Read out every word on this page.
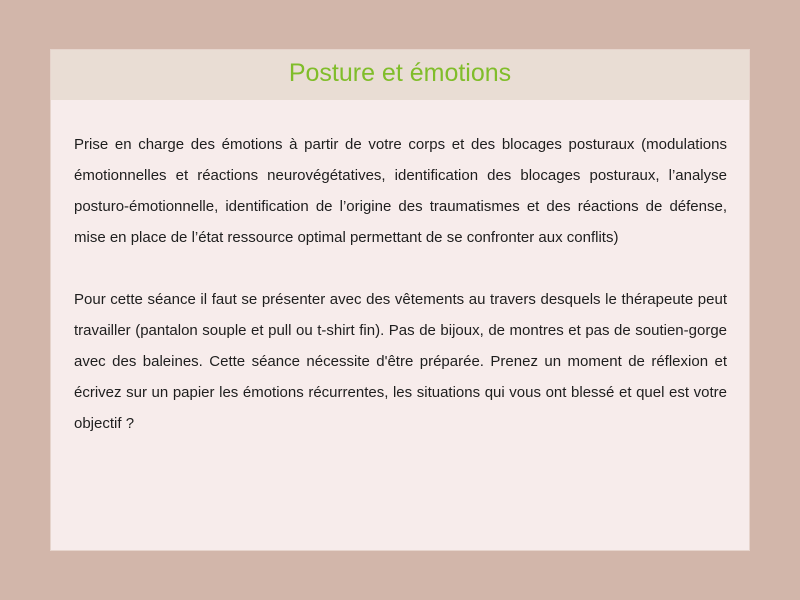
Posture et émotions

Prise en charge des émotions à partir de votre corps et des blocages posturaux (modulations émotionnelles et réactions neurovégétatives, identification des blocages posturaux, l’analyse posturo-émotionnelle, identification de l’origine des traumatismes et des réactions de défense, mise en place de l’état ressource optimal permettant de se confronter aux conflits)

Pour cette séance il faut se présenter avec des vêtements au travers desquels le thérapeute peut travailler (pantalon souple et pull ou t-shirt fin). Pas de bijoux, de montres et pas de soutien-gorge avec des baleines. Cette séance nécessite d'être préparée. Prenez un moment de réflexion et écrivez sur un papier les émotions récurrentes, les situations qui vous ont blessé et quel est votre objectif ?
